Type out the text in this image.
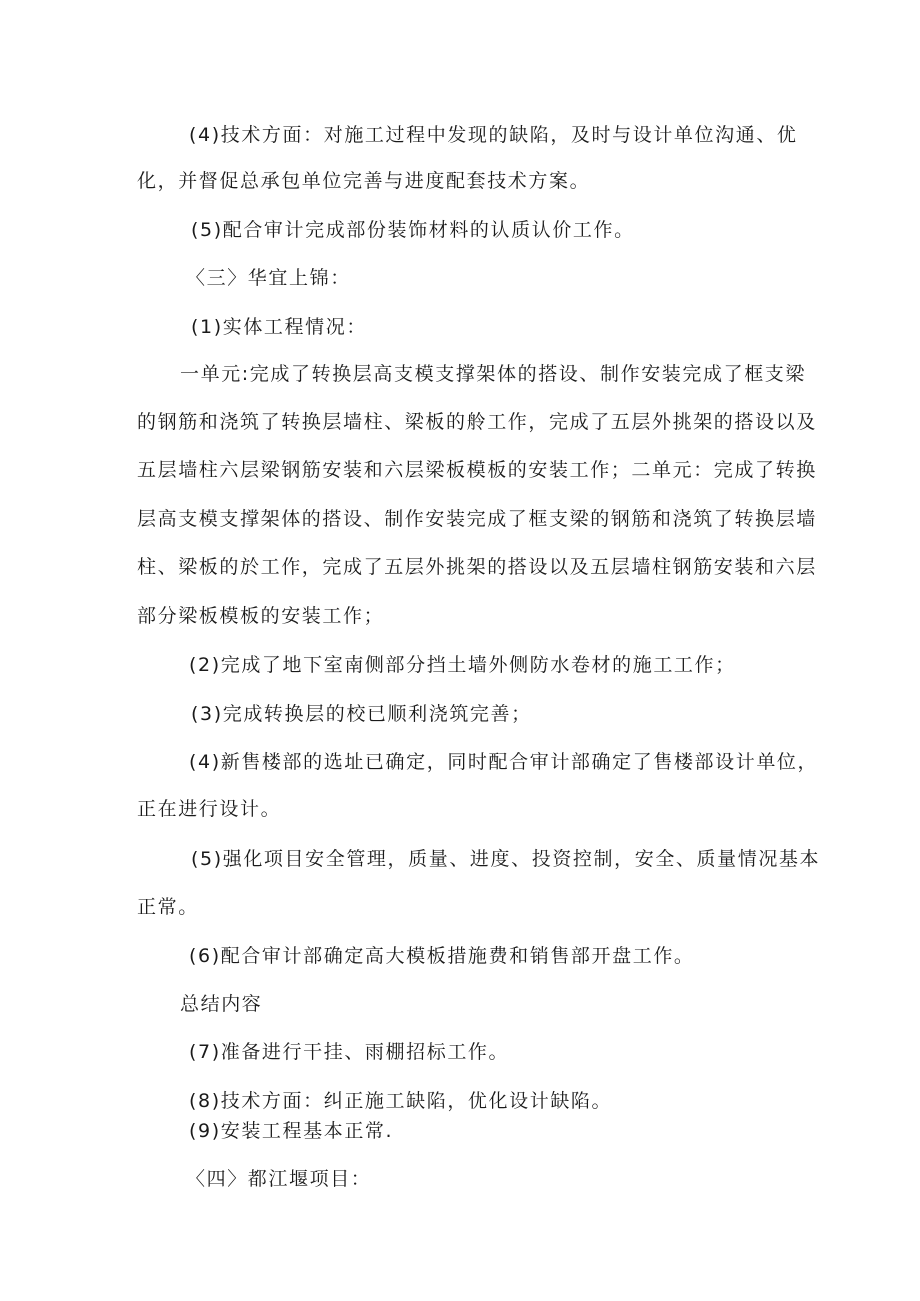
(4)技术方面：对施工过程中发现的缺陷，及时与设计单位沟通、优
化，并督促总承包单位完善与进度配套技术方案。
(5)配合审计完成部份装饰材料的认质认价工作。
〈三〉华宜上锦：
(1)实体工程情况：
一单元:完成了转换层高支模支撑架体的搭设、制作安装完成了框支梁
的钢筋和浇筑了转换层墙柱、梁板的舲工作，完成了五层外挑架的搭设以及
五层墙柱六层梁钢筋安装和六层梁板模板的安装工作；二单元：完成了转换
层高支模支撑架体的搭设、制作安装完成了框支梁的钢筋和浇筑了转换层墙
柱、梁板的於工作，完成了五层外挑架的搭设以及五层墙柱钢筋安装和六层
部分梁板模板的安装工作；
(2)完成了地下室南侧部分挡土墙外侧防水卷材的施工工作；
(3)完成转换层的校已顺利浇筑完善；
(4)新售楼部的选址已确定，同时配合审计部确定了售楼部设计单位，
正在进行设计。
(5)强化项目安全管理，质量、进度、投资控制，安全、质量情况基本
正常。
(6)配合审计部确定高大模板措施费和销售部开盘工作。
总结内容
(7)准备进行干挂、雨棚招标工作。
(8)技术方面：纠正施工缺陷，优化设计缺陷。
(9)安装工程基本正常.
〈四〉都江堰项目：
